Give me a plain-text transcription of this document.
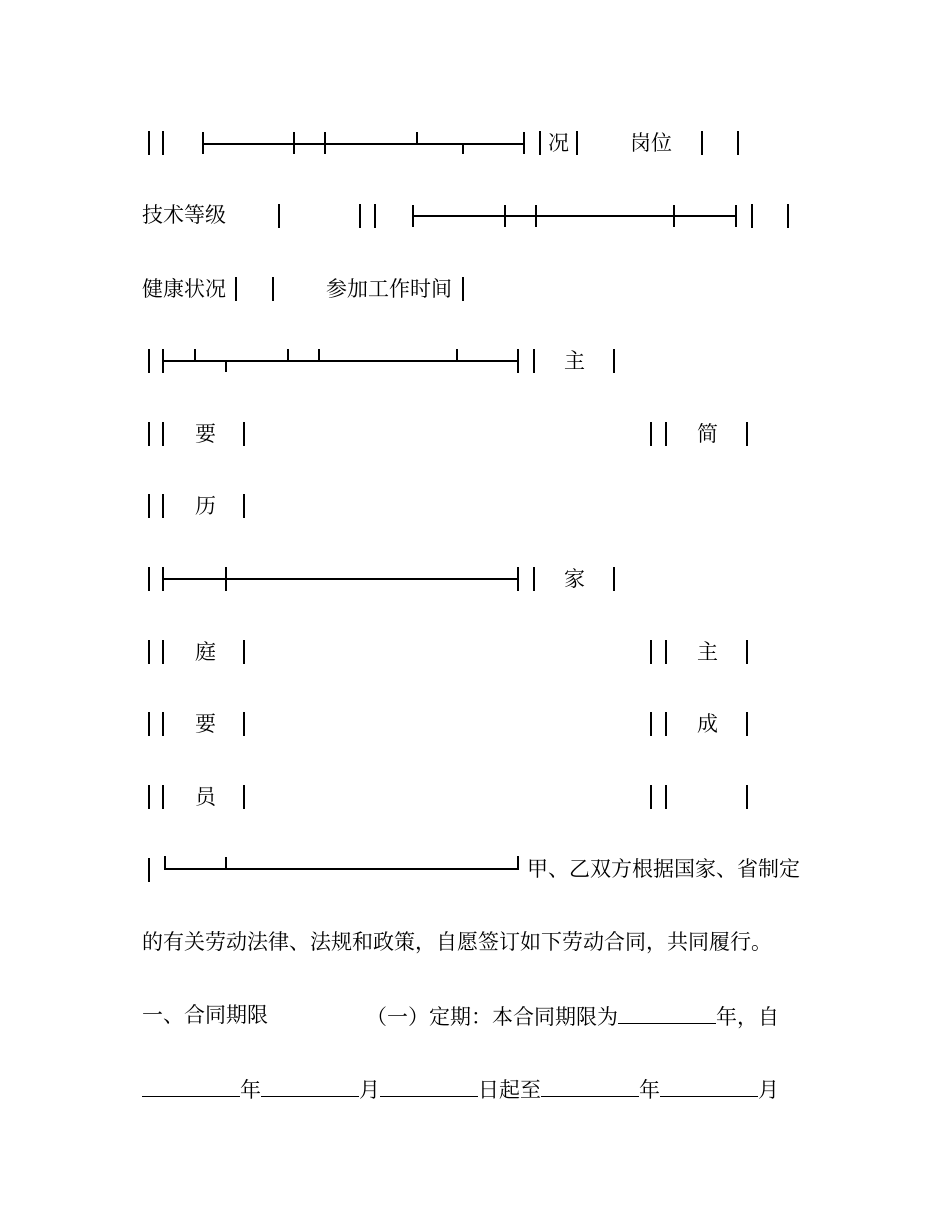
况	岗位
技术等级
健康状况	参加工作时间
主
要	简
历
家
庭	主
要	成
员
甲、乙双方根据国家、省制定
的有关劳动法律、法规和政策，自愿签订如下劳动合同，共同履行。
一、合同期限	（一）定期：本合同期限为	年，自
年	月	日起至	年	月
